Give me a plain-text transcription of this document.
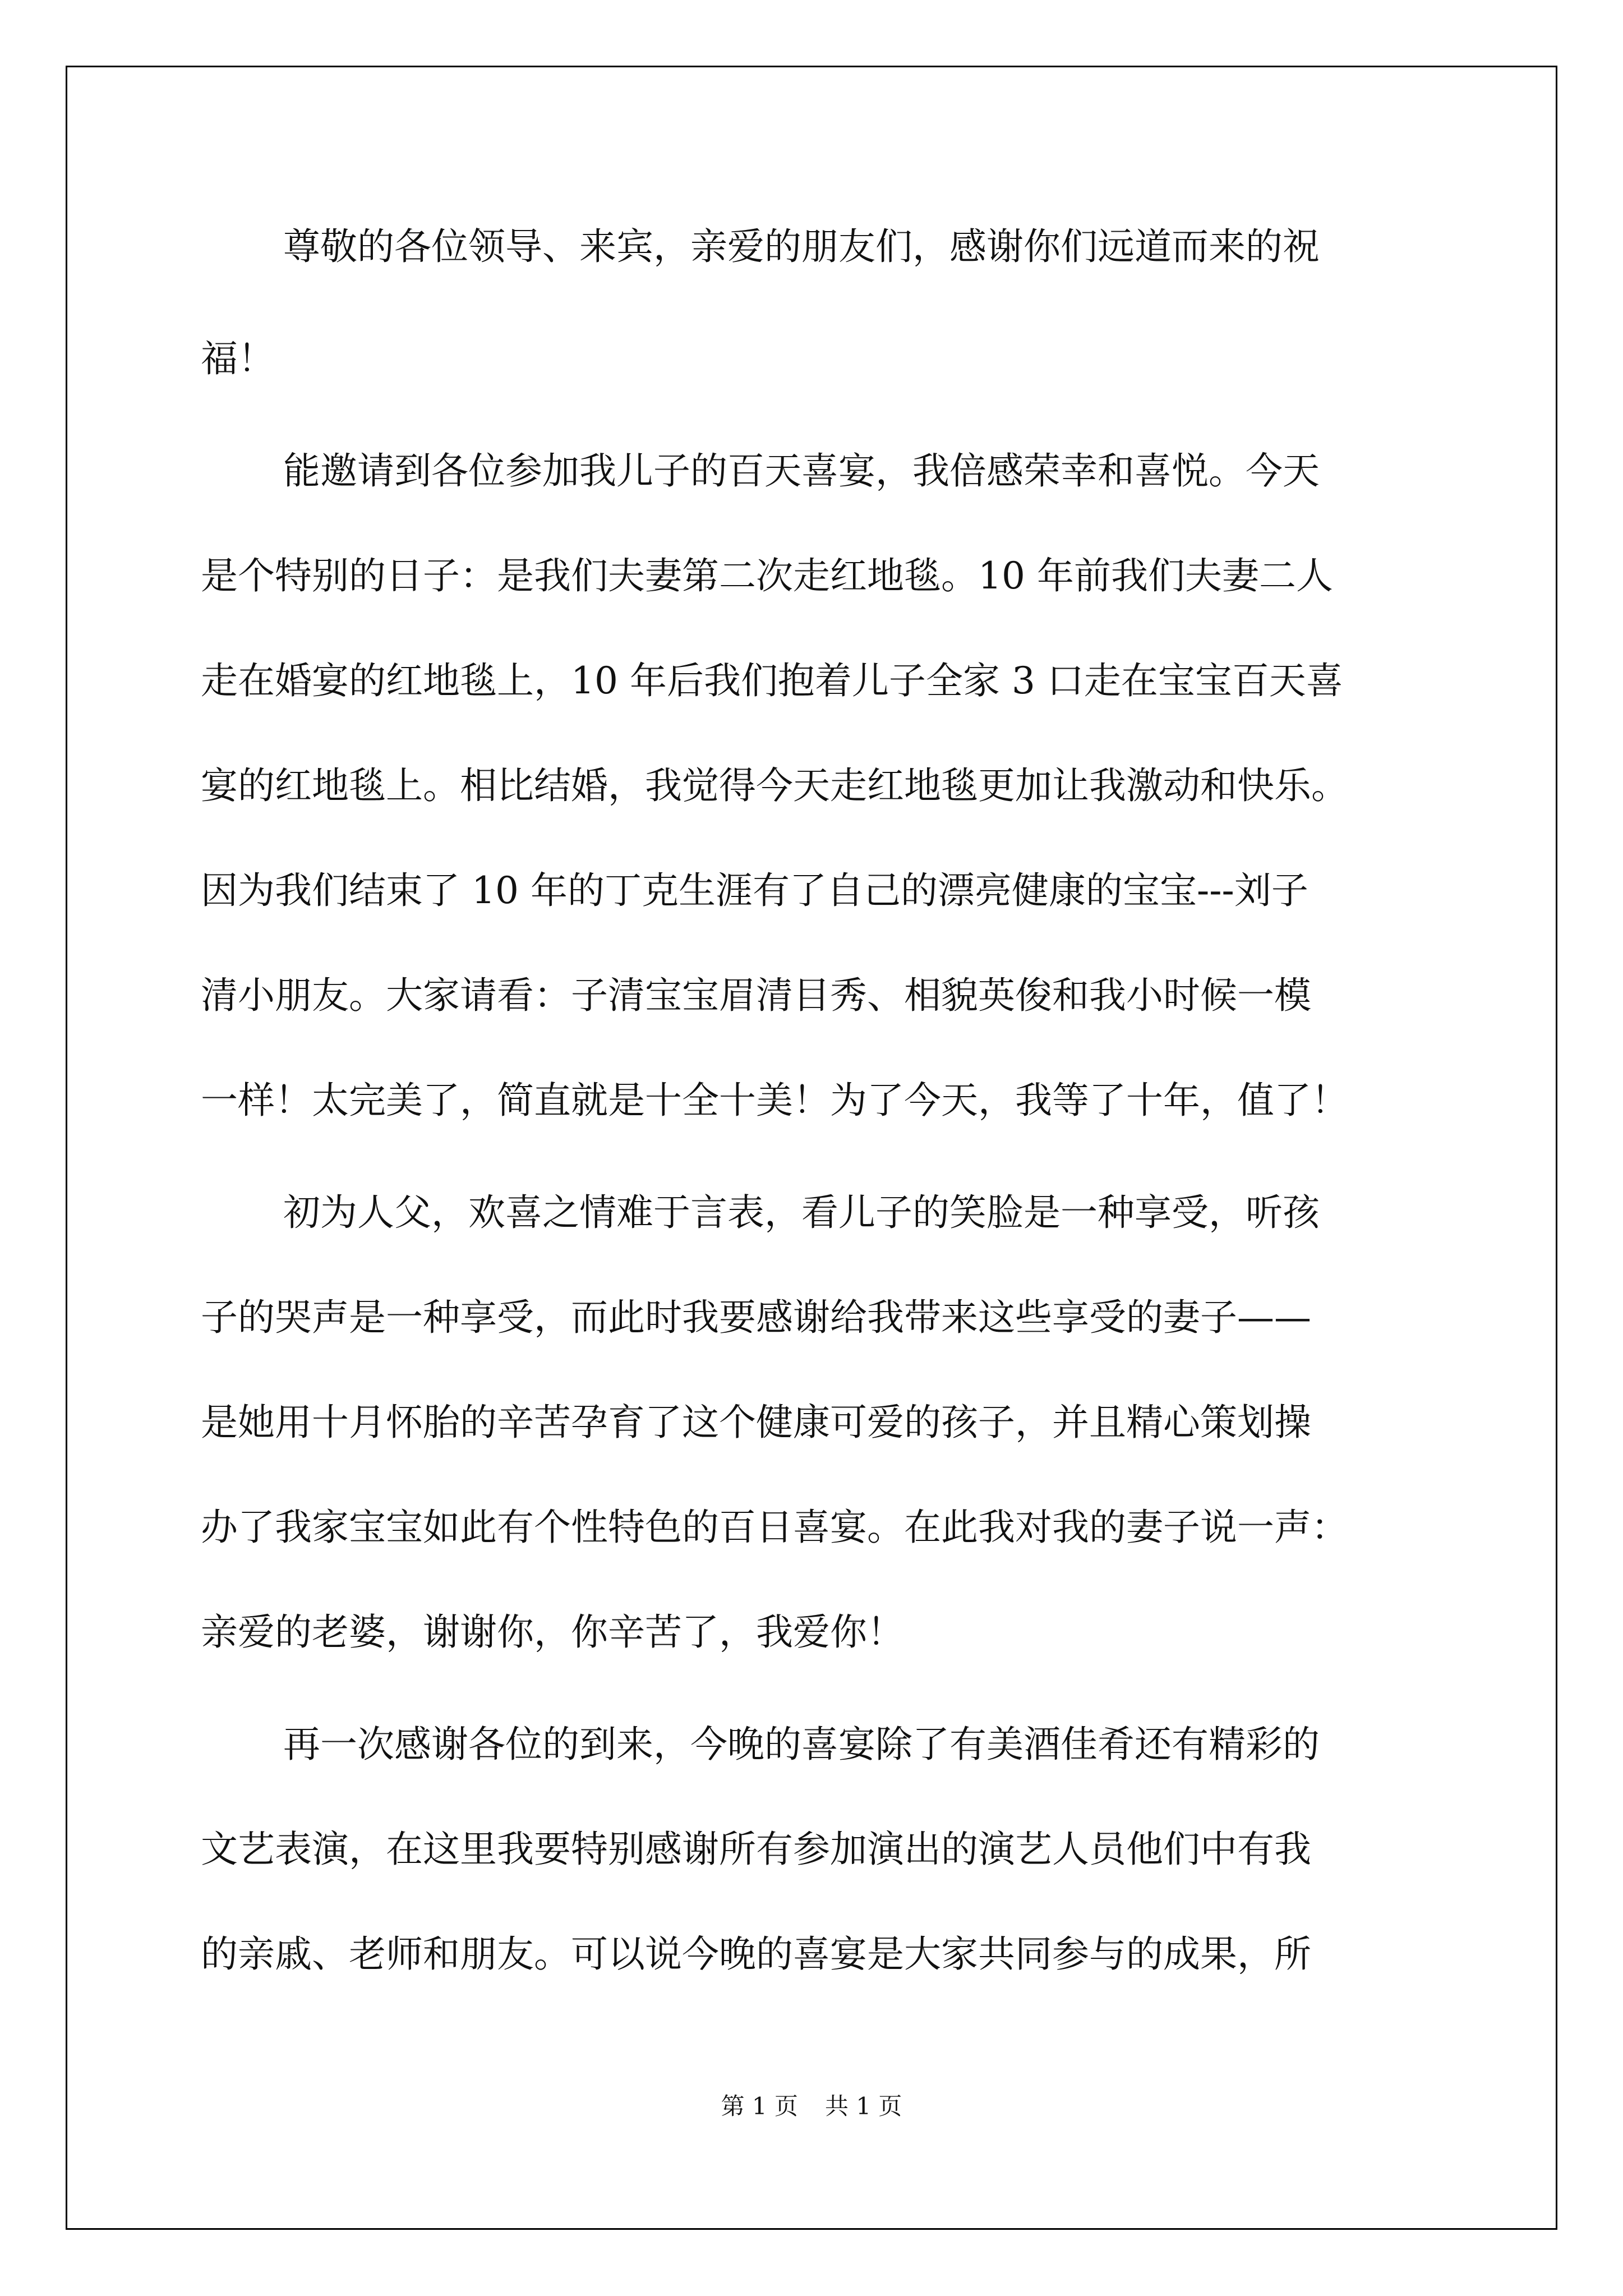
尊敬的各位领导、来宾，亲爱的朋友们，感谢你们远道而来的祝
福！
能邀请到各位参加我儿子的百天喜宴，我倍感荣幸和喜悦。今天
是个特别的日子：是我们夫妻第二次走红地毯。10 年前我们夫妻二人
走在婚宴的红地毯上，10 年后我们抱着儿子全家 3 口走在宝宝百天喜
宴的红地毯上。相比结婚，我觉得今天走红地毯更加让我激动和快乐。
因为我们结束了 10 年的丁克生涯有了自己的漂亮健康的宝宝---刘子
清小朋友。大家请看：子清宝宝眉清目秀、相貌英俊和我小时候一模
一样！太完美了，简直就是十全十美！为了今天，我等了十年，值了！
初为人父，欢喜之情难于言表，看儿子的笑脸是一种享受，听孩
子的哭声是一种享受，而此时我要感谢给我带来这些享受的妻子——
是她用十月怀胎的辛苦孕育了这个健康可爱的孩子，并且精心策划操
办了我家宝宝如此有个性特色的百日喜宴。在此我对我的妻子说一声：
亲爱的老婆，谢谢你，你辛苦了，我爱你！
再一次感谢各位的到来，今晚的喜宴除了有美酒佳肴还有精彩的
文艺表演，在这里我要特别感谢所有参加演出的演艺人员他们中有我
的亲戚、老师和朋友。可以说今晚的喜宴是大家共同参与的成果，所
第 1 页 共 1 页
